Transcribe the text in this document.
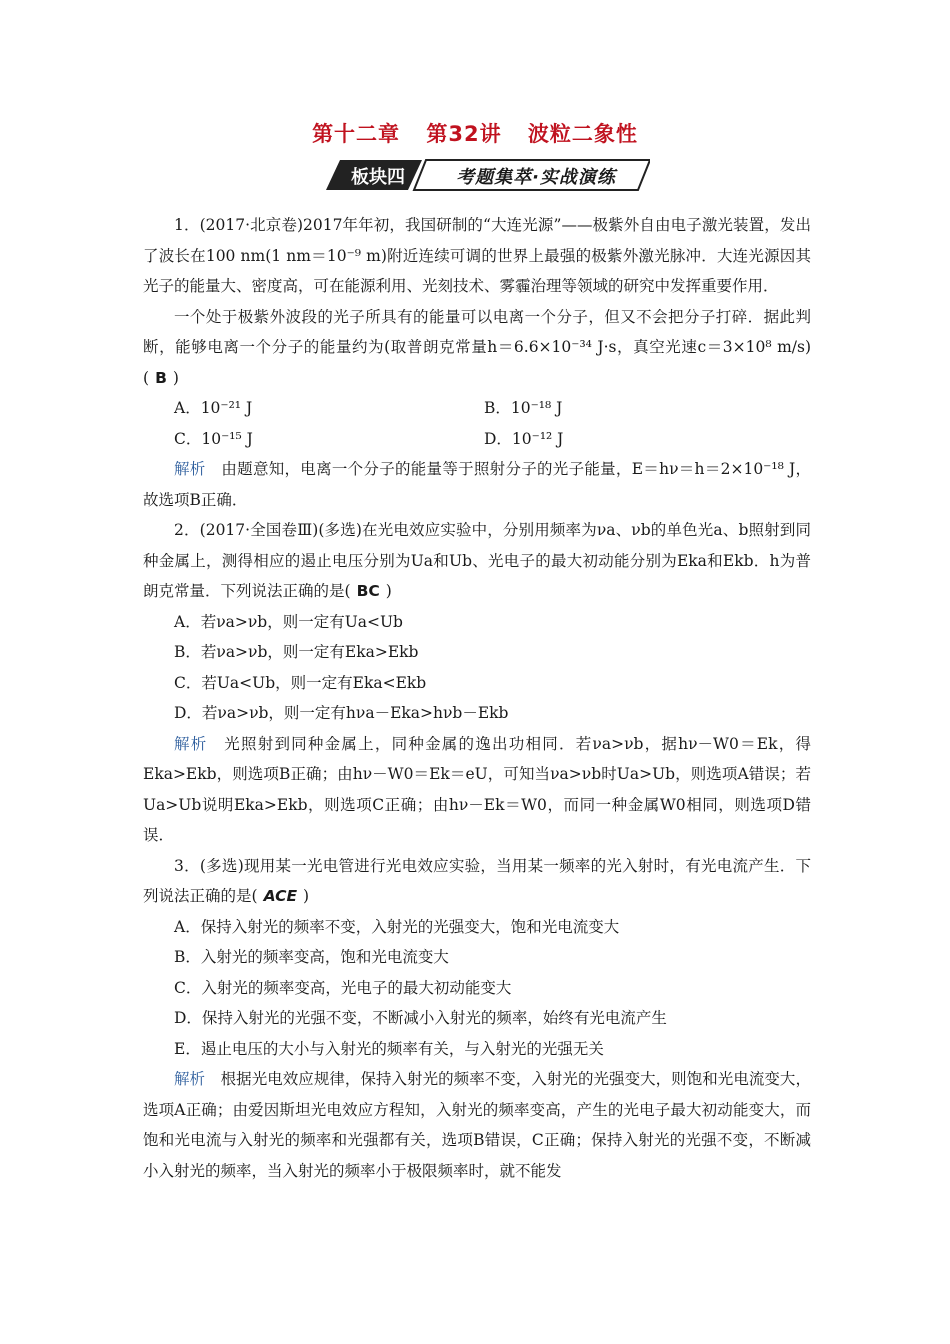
第十二章 第32讲 波粒二象性
板块四	考题集萃·实战演练

1．(2017·北京卷)2017年年初，我国研制的“大连光源”——极紫外自由电子激光装置，发出了波长在100 nm(1 nm＝10⁻⁹ m)附近连续可调的世界上最强的极紫外激光脉冲．大连光源因其光子的能量大、密度高，可在能源利用、光刻技术、雾霾治理等领域的研究中发挥重要作用．

一个处于极紫外波段的光子所具有的能量可以电离一个分子，但又不会把分子打碎．据此判断，能够电离一个分子的能量约为(取普朗克常量h＝6.6×10⁻³⁴ J·s，真空光速c＝3×10⁸ m/s)( B )

A．10⁻²¹ J	B．10⁻¹⁸ J
C．10⁻¹⁵ J	D．10⁻¹² J

解析　 由题意知，电离一个分子的能量等于照射分子的光子能量，E＝hν＝h＝2×10⁻¹⁸ J，故选项B正确．

2．(2017·全国卷Ⅲ)(多选)在光电效应实验中，分别用频率为νa、νb的单色光a、b照射到同种金属上，测得相应的遏止电压分别为Ua和Ub、光电子的最大初动能分别为Eka和Ekb．h为普朗克常量．下列说法正确的是( BC )

A．若νa>νb，则一定有Ua<Ub

B．若νa>νb，则一定有Eka>Ekb

C．若Ua<Ub，则一定有Eka<Ekb

D．若νa>νb，则一定有hνa－Eka>hνb－Ekb

解析　 光照射到同种金属上，同种金属的逸出功相同．若νa>νb，据hν－W0＝Ek，得Eka>Ekb，则选项B正确；由hν－W0＝Ek＝eU，可知当νa>νb时Ua>Ub，则选项A错误；若Ua>Ub说明Eka>Ekb，则选项C正确；由hν－Ek＝W0，而同一种金属W0相同，则选项D错误．

3．(多选)现用某一光电管进行光电效应实验，当用某一频率的光入射时，有光电流产生．下列说法正确的是( ACE )

A．保持入射光的频率不变，入射光的光强变大，饱和光电流变大

B．入射光的频率变高，饱和光电流变大

C．入射光的频率变高，光电子的最大初动能变大

D．保持入射光的光强不变，不断减小入射光的频率，始终有光电流产生

E．遏止电压的大小与入射光的频率有关，与入射光的光强无关

解析　 根据光电效应规律，保持入射光的频率不变，入射光的光强变大，则饱和光电流变大，选项A正确；由爱因斯坦光电效应方程知，入射光的频率变高，产生的光电子最大初动能变大，而饱和光电流与入射光的频率和光强都有关，选项B错误，C正确；保持入射光的光强不变，不断减小入射光的频率，当入射光的频率小于极限频率时，就不能发
